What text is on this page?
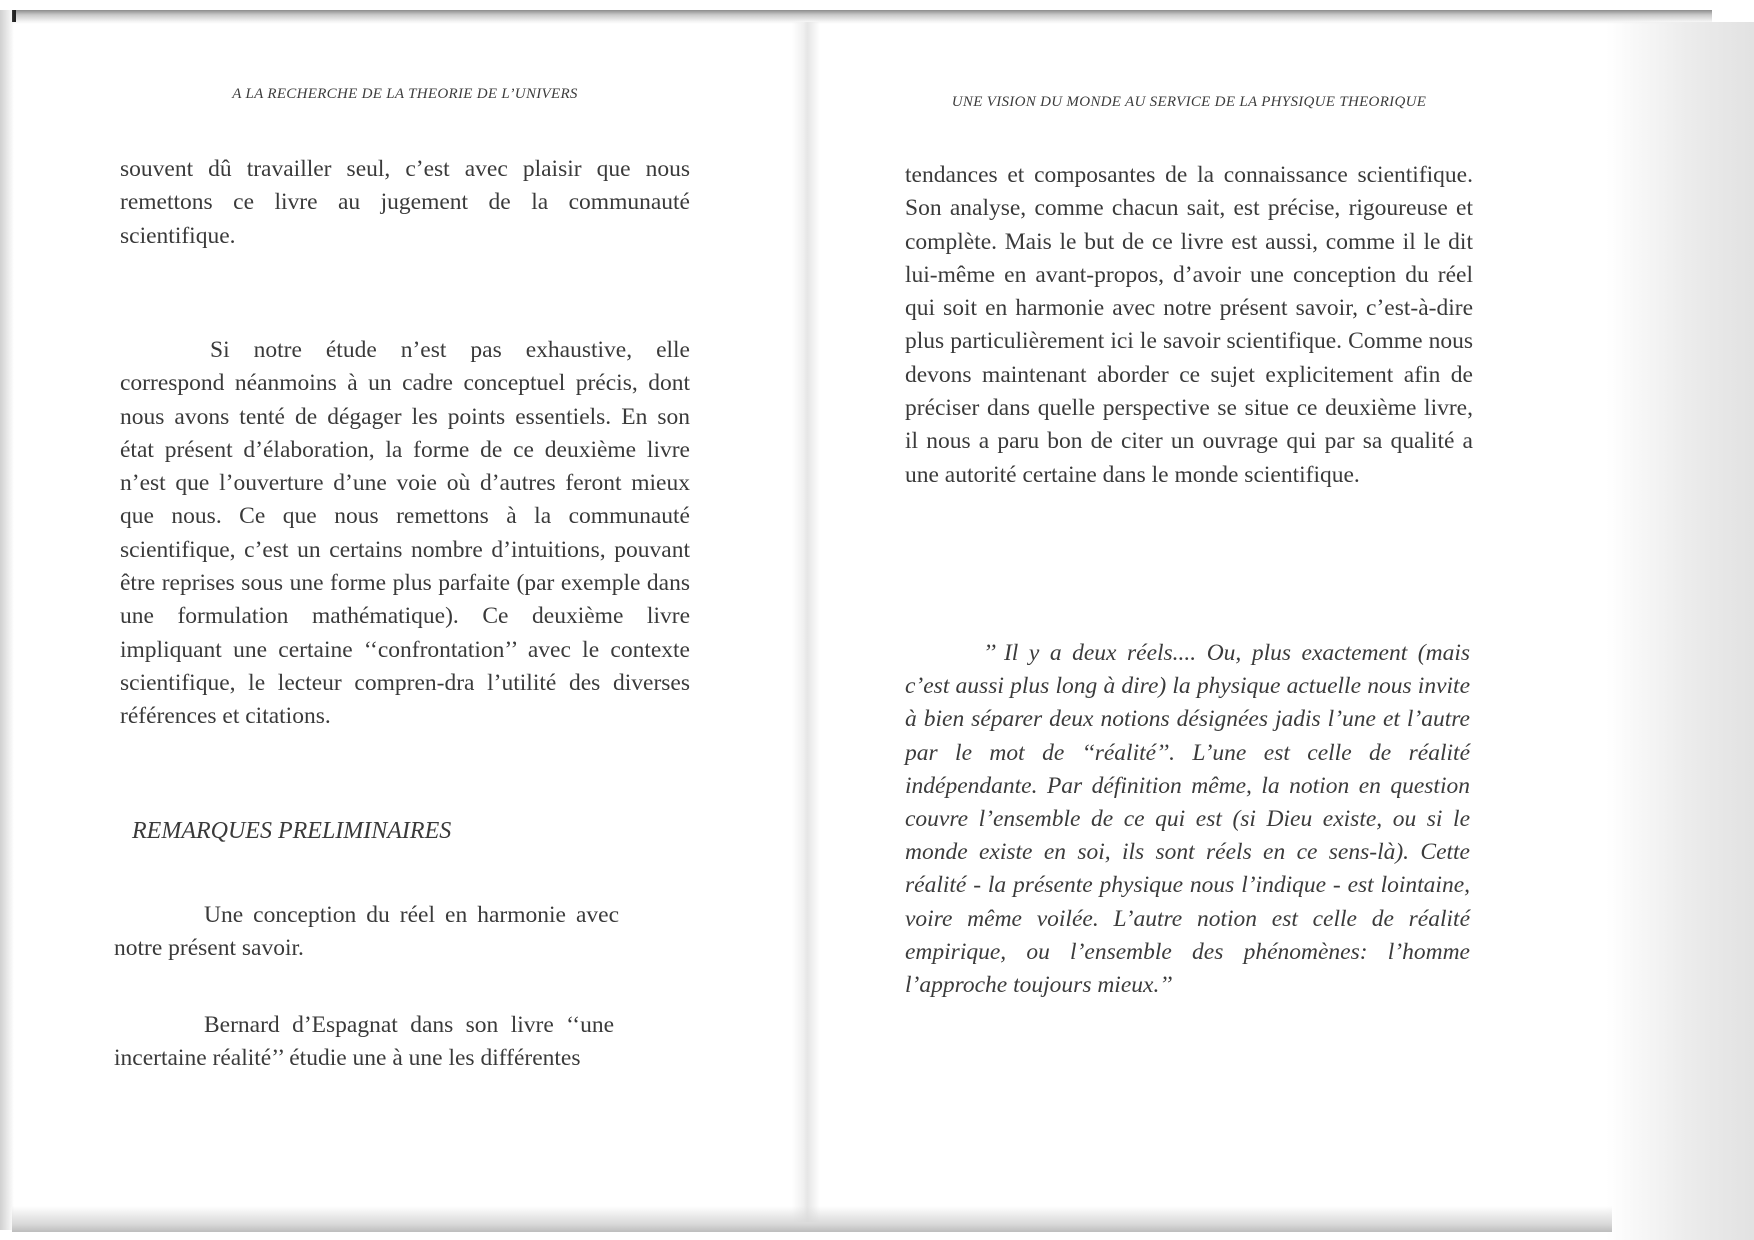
A LA RECHERCHE DE LA THEORIE DE L’UNIVERS

souvent dû travailler seul, c’est avec plaisir que nous remettons ce livre au jugement de la communauté scientifique.

Si notre étude n’est pas exhaustive, elle correspond néanmoins à un cadre conceptuel précis, dont nous avons tenté de dégager les points essentiels. En son état présent d’élaboration, la forme de ce deuxième livre n’est que l’ouverture d’une voie où d’autres feront mieux que nous. Ce que nous remettons à la communauté scientifique, c’est un certains nombre d’intuitions, pouvant être reprises sous une forme plus parfaite (par exemple dans une formulation mathématique). Ce deuxième livre impliquant une certaine ‘‘confrontation’’ avec le contexte scientifique, le lecteur compren-dra l’utilité des diverses références et citations.

REMARQUES PRELIMINAIRES

Une conception du réel en harmonie avec notre présent savoir.

Bernard d’Espagnat dans son livre ‘‘une incertaine réalité’’ étudie une à une les différentes

UNE VISION DU MONDE AU SERVICE DE LA PHYSIQUE THEORIQUE

tendances et composantes de la connaissance scientifique. Son analyse, comme chacun sait, est précise, rigoureuse et complète. Mais le but de ce livre est aussi, comme il le dit lui-même en avant-propos, d’avoir une conception du réel qui soit en harmonie avec notre présent savoir, c’est-à-dire plus particulièrement ici le savoir scientifique. Comme nous devons maintenant aborder ce sujet explicitement afin de préciser dans quelle perspective se situe ce deuxième livre, il nous a paru bon de citer un ouvrage qui par sa qualité a une autorité certaine dans le monde scientifique.

’’ Il y a deux réels.... Ou, plus exactement (mais c’est aussi plus long à dire) la physique actuelle nous invite à bien séparer deux notions désignées jadis l’une et l’autre par le mot de ‘‘réalité’’. L’une est celle de réalité indépendante. Par définition même, la notion en question couvre l’ensemble de ce qui est (si Dieu existe, ou si le monde existe en soi, ils sont réels en ce sens-là). Cette réalité - la présente physique nous l’indique - est lointaine, voire même voilée. L’autre notion est celle de réalité empirique, ou l’ensemble des phénomènes: l’homme l’approche toujours mieux.’’
